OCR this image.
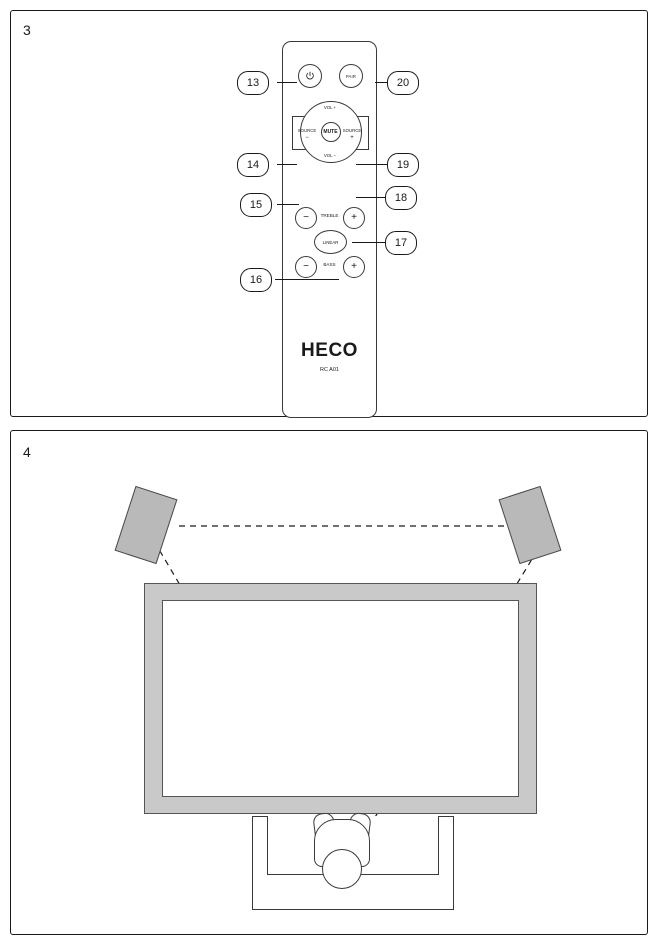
3
PAIR
VOL +
VOL −
SOURCE	SOURCE
−	+
MUTE
−	TREBLE	+
LINEAR
−	BASS	+
HECO
RC A01
13	20
14	19
15
18
17
16
4
